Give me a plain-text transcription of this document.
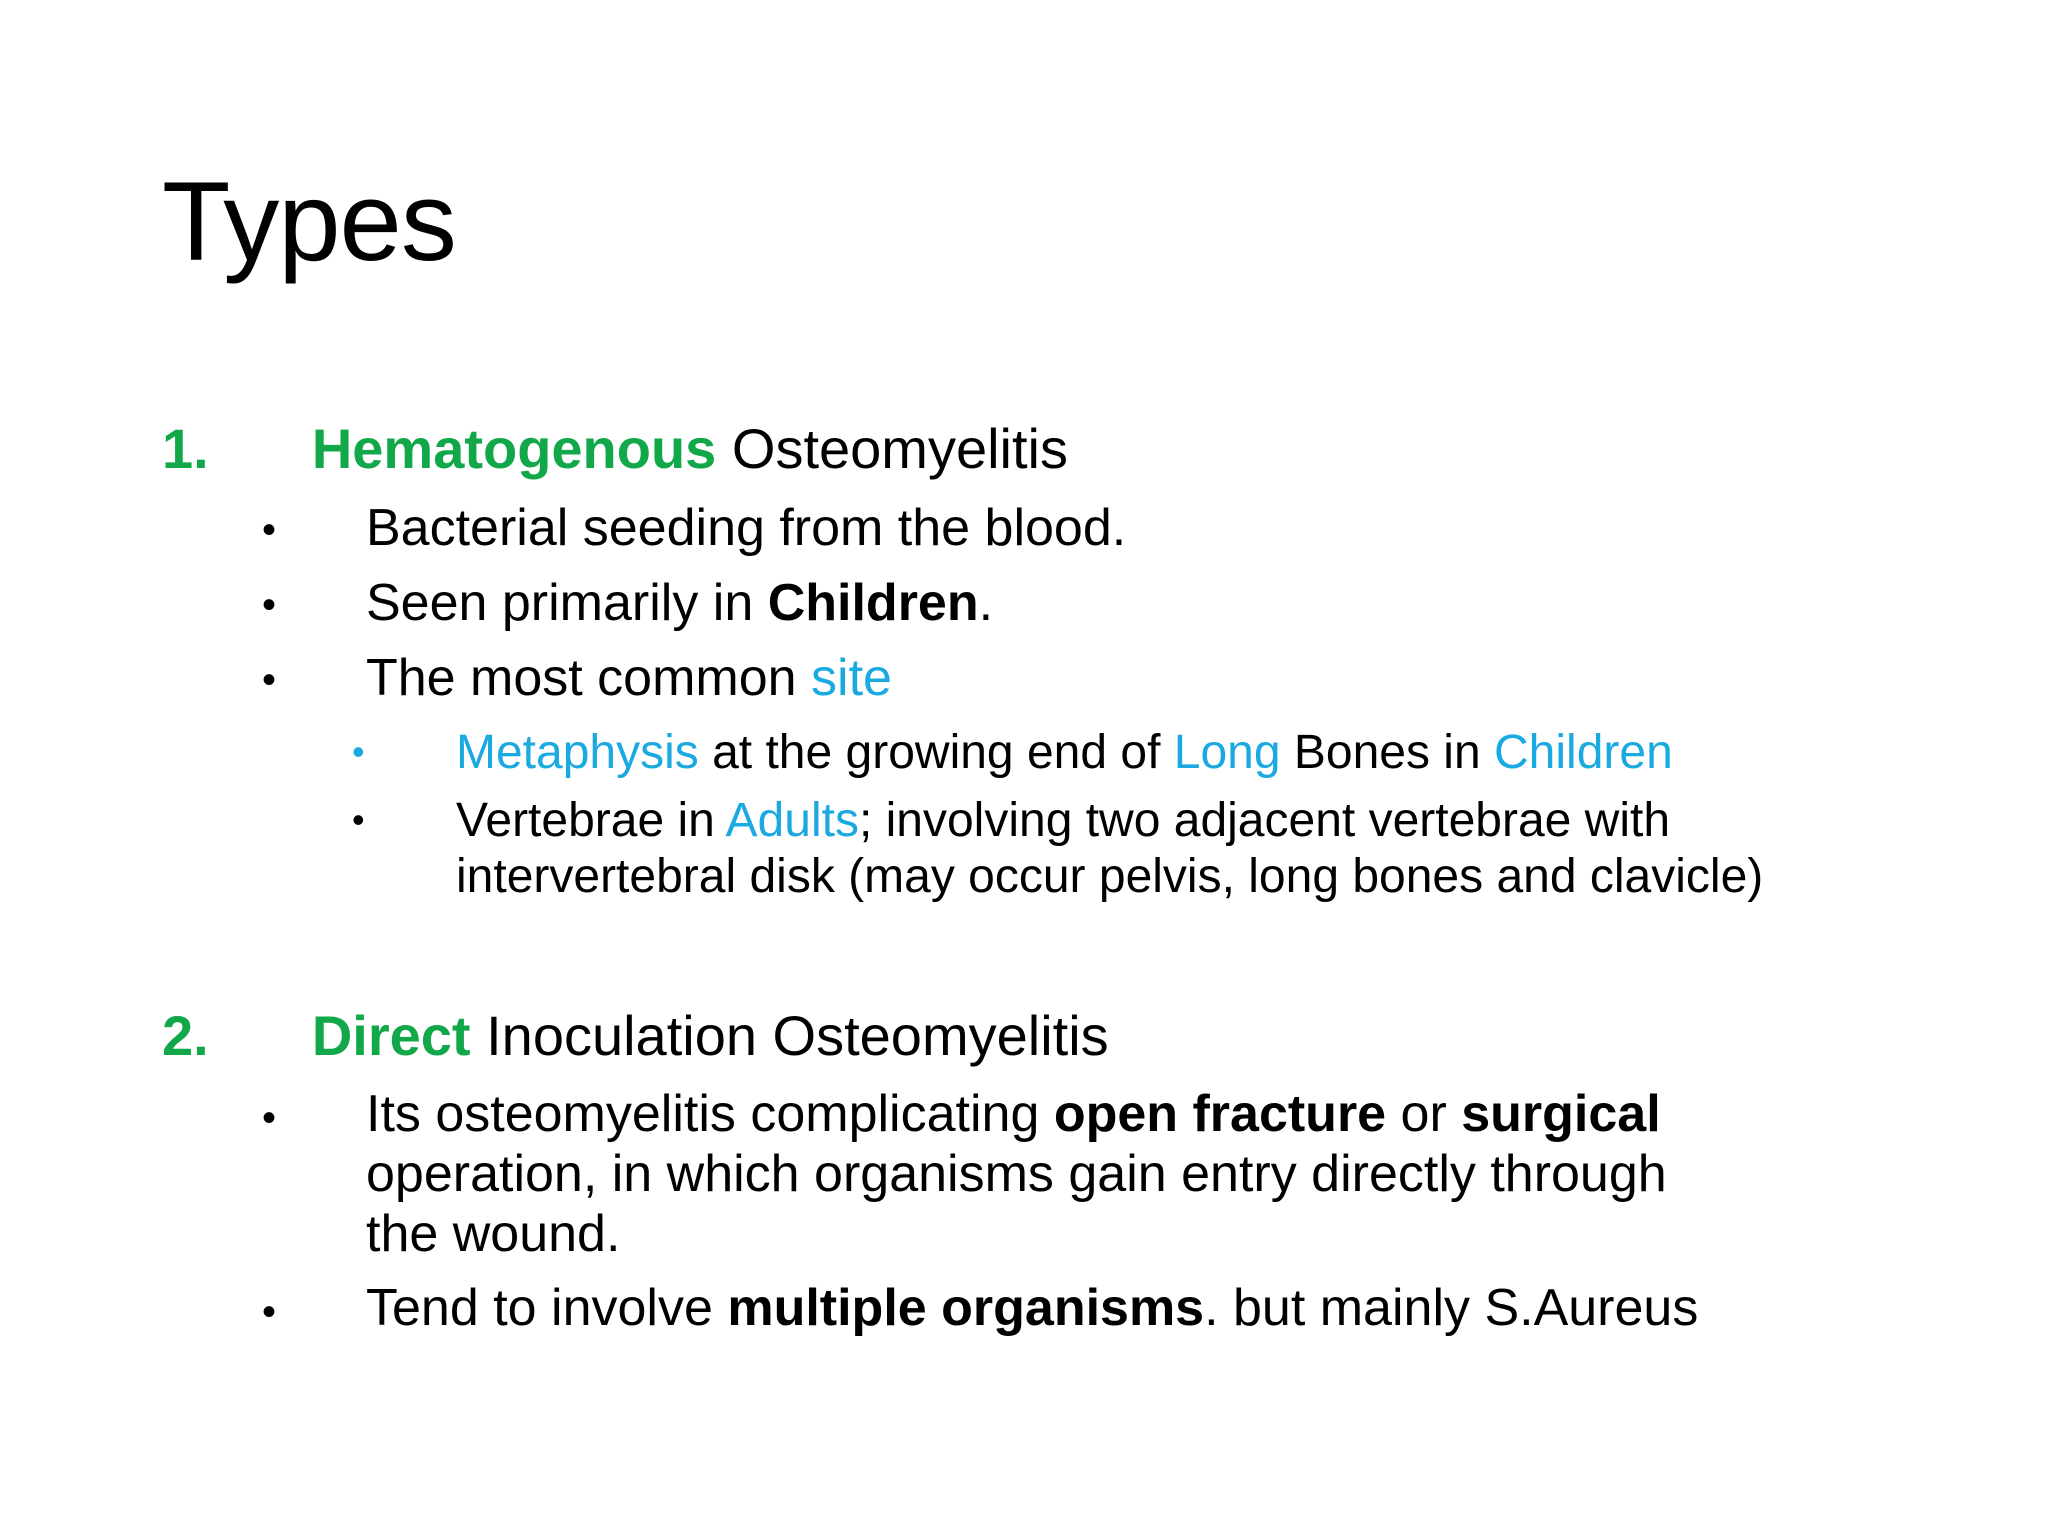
Types
1. Hematogenous Osteomyelitis
• Bacterial seeding from the blood.
• Seen primarily in Children.
• The most common site
• Metaphysis at the growing end of Long Bones in Children
• Vertebrae in Adults; involving two adjacent vertebrae with
intervertebral disk (may occur pelvis, long bones and clavicle)
2. Direct Inoculation Osteomyelitis
• Its osteomyelitis complicating open fracture or surgical
operation, in which organisms gain entry directly through
the wound.
• Tend to involve multiple organisms. but mainly S.Aureus
